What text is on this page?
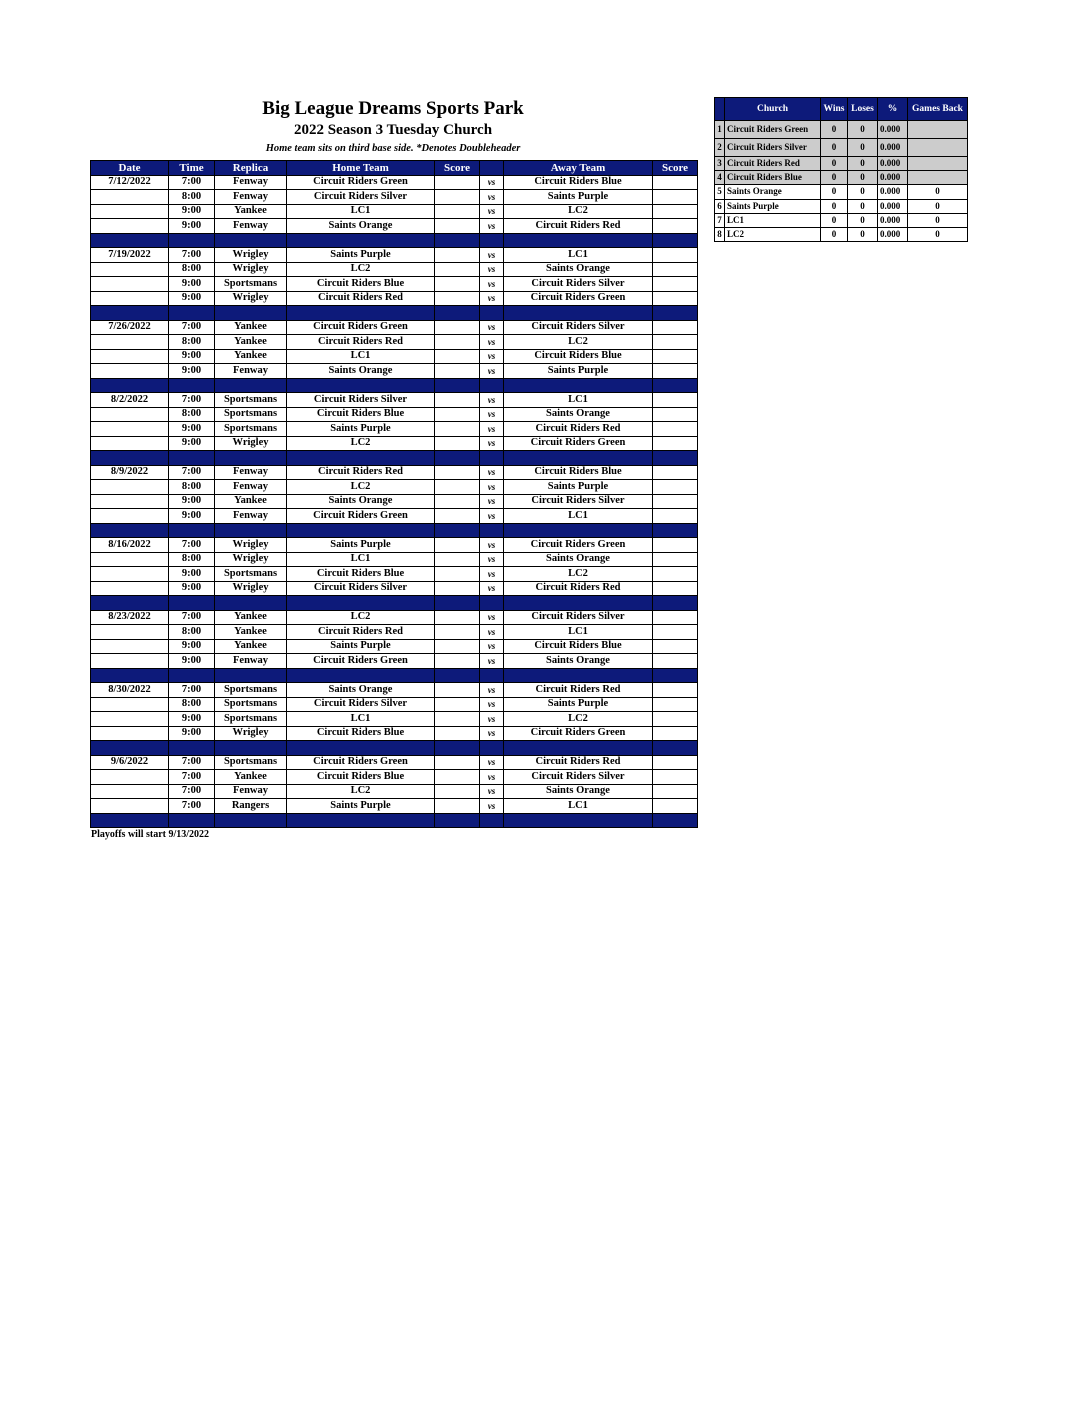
Big League Dreams Sports Park
2022 Season 3 Tuesday Church
Home team sits on third base side. *Denotes Doubleheader
Date	Time	Replica	Home Team	Score		Away Team	Score
7/12/2022	7:00	Fenway	Circuit Riders Green		vs	Circuit Riders Blue	
	8:00	Fenway	Circuit Riders Silver		vs	Saints Purple	
	9:00	Yankee	LC1		vs	LC2	
	9:00	Fenway	Saints Orange		vs	Circuit Riders Red	

7/19/2022	7:00	Wrigley	Saints Purple		vs	LC1	
	8:00	Wrigley	LC2		vs	Saints Orange	
	9:00	Sportsmans	Circuit Riders Blue		vs	Circuit Riders Silver	
	9:00	Wrigley	Circuit Riders Red		vs	Circuit Riders Green	

7/26/2022	7:00	Yankee	Circuit Riders Green		vs	Circuit Riders Silver	
	8:00	Yankee	Circuit Riders Red		vs	LC2	
	9:00	Yankee	LC1		vs	Circuit Riders Blue	
	9:00	Fenway	Saints Orange		vs	Saints Purple	

8/2/2022	7:00	Sportsmans	Circuit Riders Silver		vs	LC1	
	8:00	Sportsmans	Circuit Riders Blue		vs	Saints Orange	
	9:00	Sportsmans	Saints Purple		vs	Circuit Riders Red	
	9:00	Wrigley	LC2		vs	Circuit Riders Green	

8/9/2022	7:00	Fenway	Circuit Riders Red		vs	Circuit Riders Blue	
	8:00	Fenway	LC2		vs	Saints Purple	
	9:00	Yankee	Saints Orange		vs	Circuit Riders Silver	
	9:00	Fenway	Circuit Riders Green		vs	LC1	

8/16/2022	7:00	Wrigley	Saints Purple		vs	Circuit Riders Green	
	8:00	Wrigley	LC1		vs	Saints Orange	
	9:00	Sportsmans	Circuit Riders Blue		vs	LC2	
	9:00	Wrigley	Circuit Riders Silver		vs	Circuit Riders Red	

8/23/2022	7:00	Yankee	LC2		vs	Circuit Riders Silver	
	8:00	Yankee	Circuit Riders Red		vs	LC1	
	9:00	Yankee	Saints Purple		vs	Circuit Riders Blue	
	9:00	Fenway	Circuit Riders Green		vs	Saints Orange	

8/30/2022	7:00	Sportsmans	Saints Orange		vs	Circuit Riders Red	
	8:00	Sportsmans	Circuit Riders Silver		vs	Saints Purple	
	9:00	Sportsmans	LC1		vs	LC2	
	9:00	Wrigley	Circuit Riders Blue		vs	Circuit Riders Green	

9/6/2022	7:00	Sportsmans	Circuit Riders Green		vs	Circuit Riders Red	
	7:00	Yankee	Circuit Riders Blue		vs	Circuit Riders Silver	
	7:00	Fenway	LC2		vs	Saints Orange	
	7:00	Rangers	Saints Purple		vs	LC1	

	Church	Wins	Loses	%	Games Back
1	Circuit Riders Green	0	0	0.000	
2	Circuit Riders Silver	0	0	0.000	
3	Circuit Riders Red	0	0	0.000	
4	Circuit Riders Blue	0	0	0.000	
5	Saints Orange	0	0	0.000	0
6	Saints Purple	0	0	0.000	0
7	LC1	0	0	0.000	0
8	LC2	0	0	0.000	0
Playoffs will start 9/13/2022
